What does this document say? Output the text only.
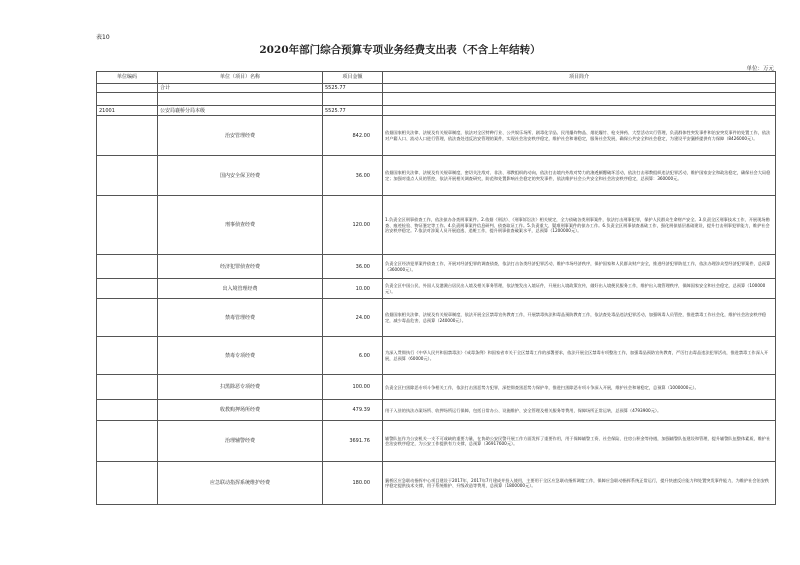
表10
2020年部门综合预算专项业务经费支出表（不含上年结转）
单位：万元
单位编码	单位（项目）名称	项目金额	项目简介
	合计	5525.77	

21001	公安局襄桥分局本级	5525.77	
	治安管理经费	842.00	依据国家相关法律、法规及有关规章制度，依法对全区特种行业、公共娱乐场所、剧毒化学品、民用爆炸物品、烟花爆竹、枪支弹药、大型活动实行管理，负责群体性突发事件和治安突发事件的处置工作，依法对户籍人口、流动人口进行管理，依法查处违反治安管理的案件，实现社会治安秩序稳定，维护社会和谐稳定，服务社会发展，确保公共安全和社会稳定，为建设平安襄桥提供有力保障（8426000元）。
	国内安全保卫经费	36.00	依据国家相关法律、法规及有关规章制度，密切关注敌对、非法、邪教组织的动向，依法打击境内外敌对势力的渗透颠覆破坏活动，依法打击邪教组织违法犯罪活动，维护国家安全和政治稳定，确保社会大局稳定；加强对重点人员的管控，依法开展相关调查研究，防范和处置影响社会稳定的突发事件，依法维护社会公共安全和社会治安秩序稳定，总预算：360000元。
	刑事侦查经费	120.00	1.负责全区刑事侦查工作，依法侦办各类刑事案件。2.依据《刑法》、《刑事诉讼法》相关规定，全力侦破各类刑事案件，依法打击刑事犯罪，保护人民群众生命财产安全。3.负责全区刑事技术工作，开展现场勘查、痕迹检验、物证鉴定等工作。4.负责刑事案件信息研判、侦查取证工作。5.负责重大、疑难刑事案件的侦办工作。6.负责全区刑事侦查基础工作，强化刑侦基层基础建设，提升打击刑事犯罪能力，维护社会治安秩序稳定。7.依法对涉案人员开展追逃、追赃工作，提升刑事侦查破案水平，总预算（1200000元）。
	经济犯罪侦查经费	36.00	负责全区经济犯罪案件侦查工作，开展对经济犯罪的调查侦查，依法打击各类经济犯罪活动，维护市场经济秩序，保护国家和人民群众财产安全，推进经济犯罪防范工作，依法办理涉众型经济犯罪案件，总预算（360000元）。
	出入境管理经费	10.00	负责全区中国公民、外国人及港澳台居民出入境及相关事务管理，依法签发出入境证件，开展出入境政策宣传，做好出入境便民服务工作，维护出入境管理秩序，保障国家安全和社会稳定，总预算（100000元）。
	禁毒管理经费	24.00	依据国家相关法律、法规及有关规章制度，依法开展全区禁毒宣传教育工作，开展禁毒执法和毒品预防教育工作，依法查处毒品违法犯罪活动，加强吸毒人员管控，推进禁毒工作社会化，维护社会治安秩序稳定，减少毒品危害，总预算（240000元）。
	禁毒专项经费	6.00	为深入贯彻执行《中华人民共和国禁毒法》《戒毒条例》和国家省市关于全区禁毒工作的部署要求，依法开展全区禁毒专项整治工作，加强毒品预防宣传教育，严厉打击毒品违法犯罪活动，推进禁毒工作深入开展，总预算（60000元）。
	扫黑除恶专项经费	100.00	负责全区扫黑除恶专项斗争相关工作，依法打击黑恶势力犯罪，深挖彻查黑恶势力保护伞，推进扫黑除恶专项斗争深入开展，维护社会和谐稳定，总预算（1000000元）。
	收教购押场所经费	479.39	用于入驻的执法办案场所、收押场所运行保障，包括日常办公、设施维护、安全管理及相关服务等费用，保障场所正常运转，总预算（4793900元）。
	治理辅警经费	3691.76	辅警队伍作为公安机关一支不可或缺的重要力量，在协助公安民警开展工作方面发挥了重要作用，用于保障辅警工资、社会保险、住房公积金等待遇，加强辅警队伍建设和管理，提升辅警队伍整体素质，维护社会治安秩序稳定，为公安工作提供有力支撑，总预算（36917600元）。
	应急联动指挥系统维护经费	180.00	襄桥区应急联动指挥中心项目建设于2017年，2017年7月建成并投入使用，主要用于全区应急联动指挥调度工作，保障应急联动指挥系统正常运行，提升快速反应能力和处置突发事件能力，为维护社会治安秩序稳定提供技术支撑，用于系统维护、升级改造等费用，总预算（1800000元）。
